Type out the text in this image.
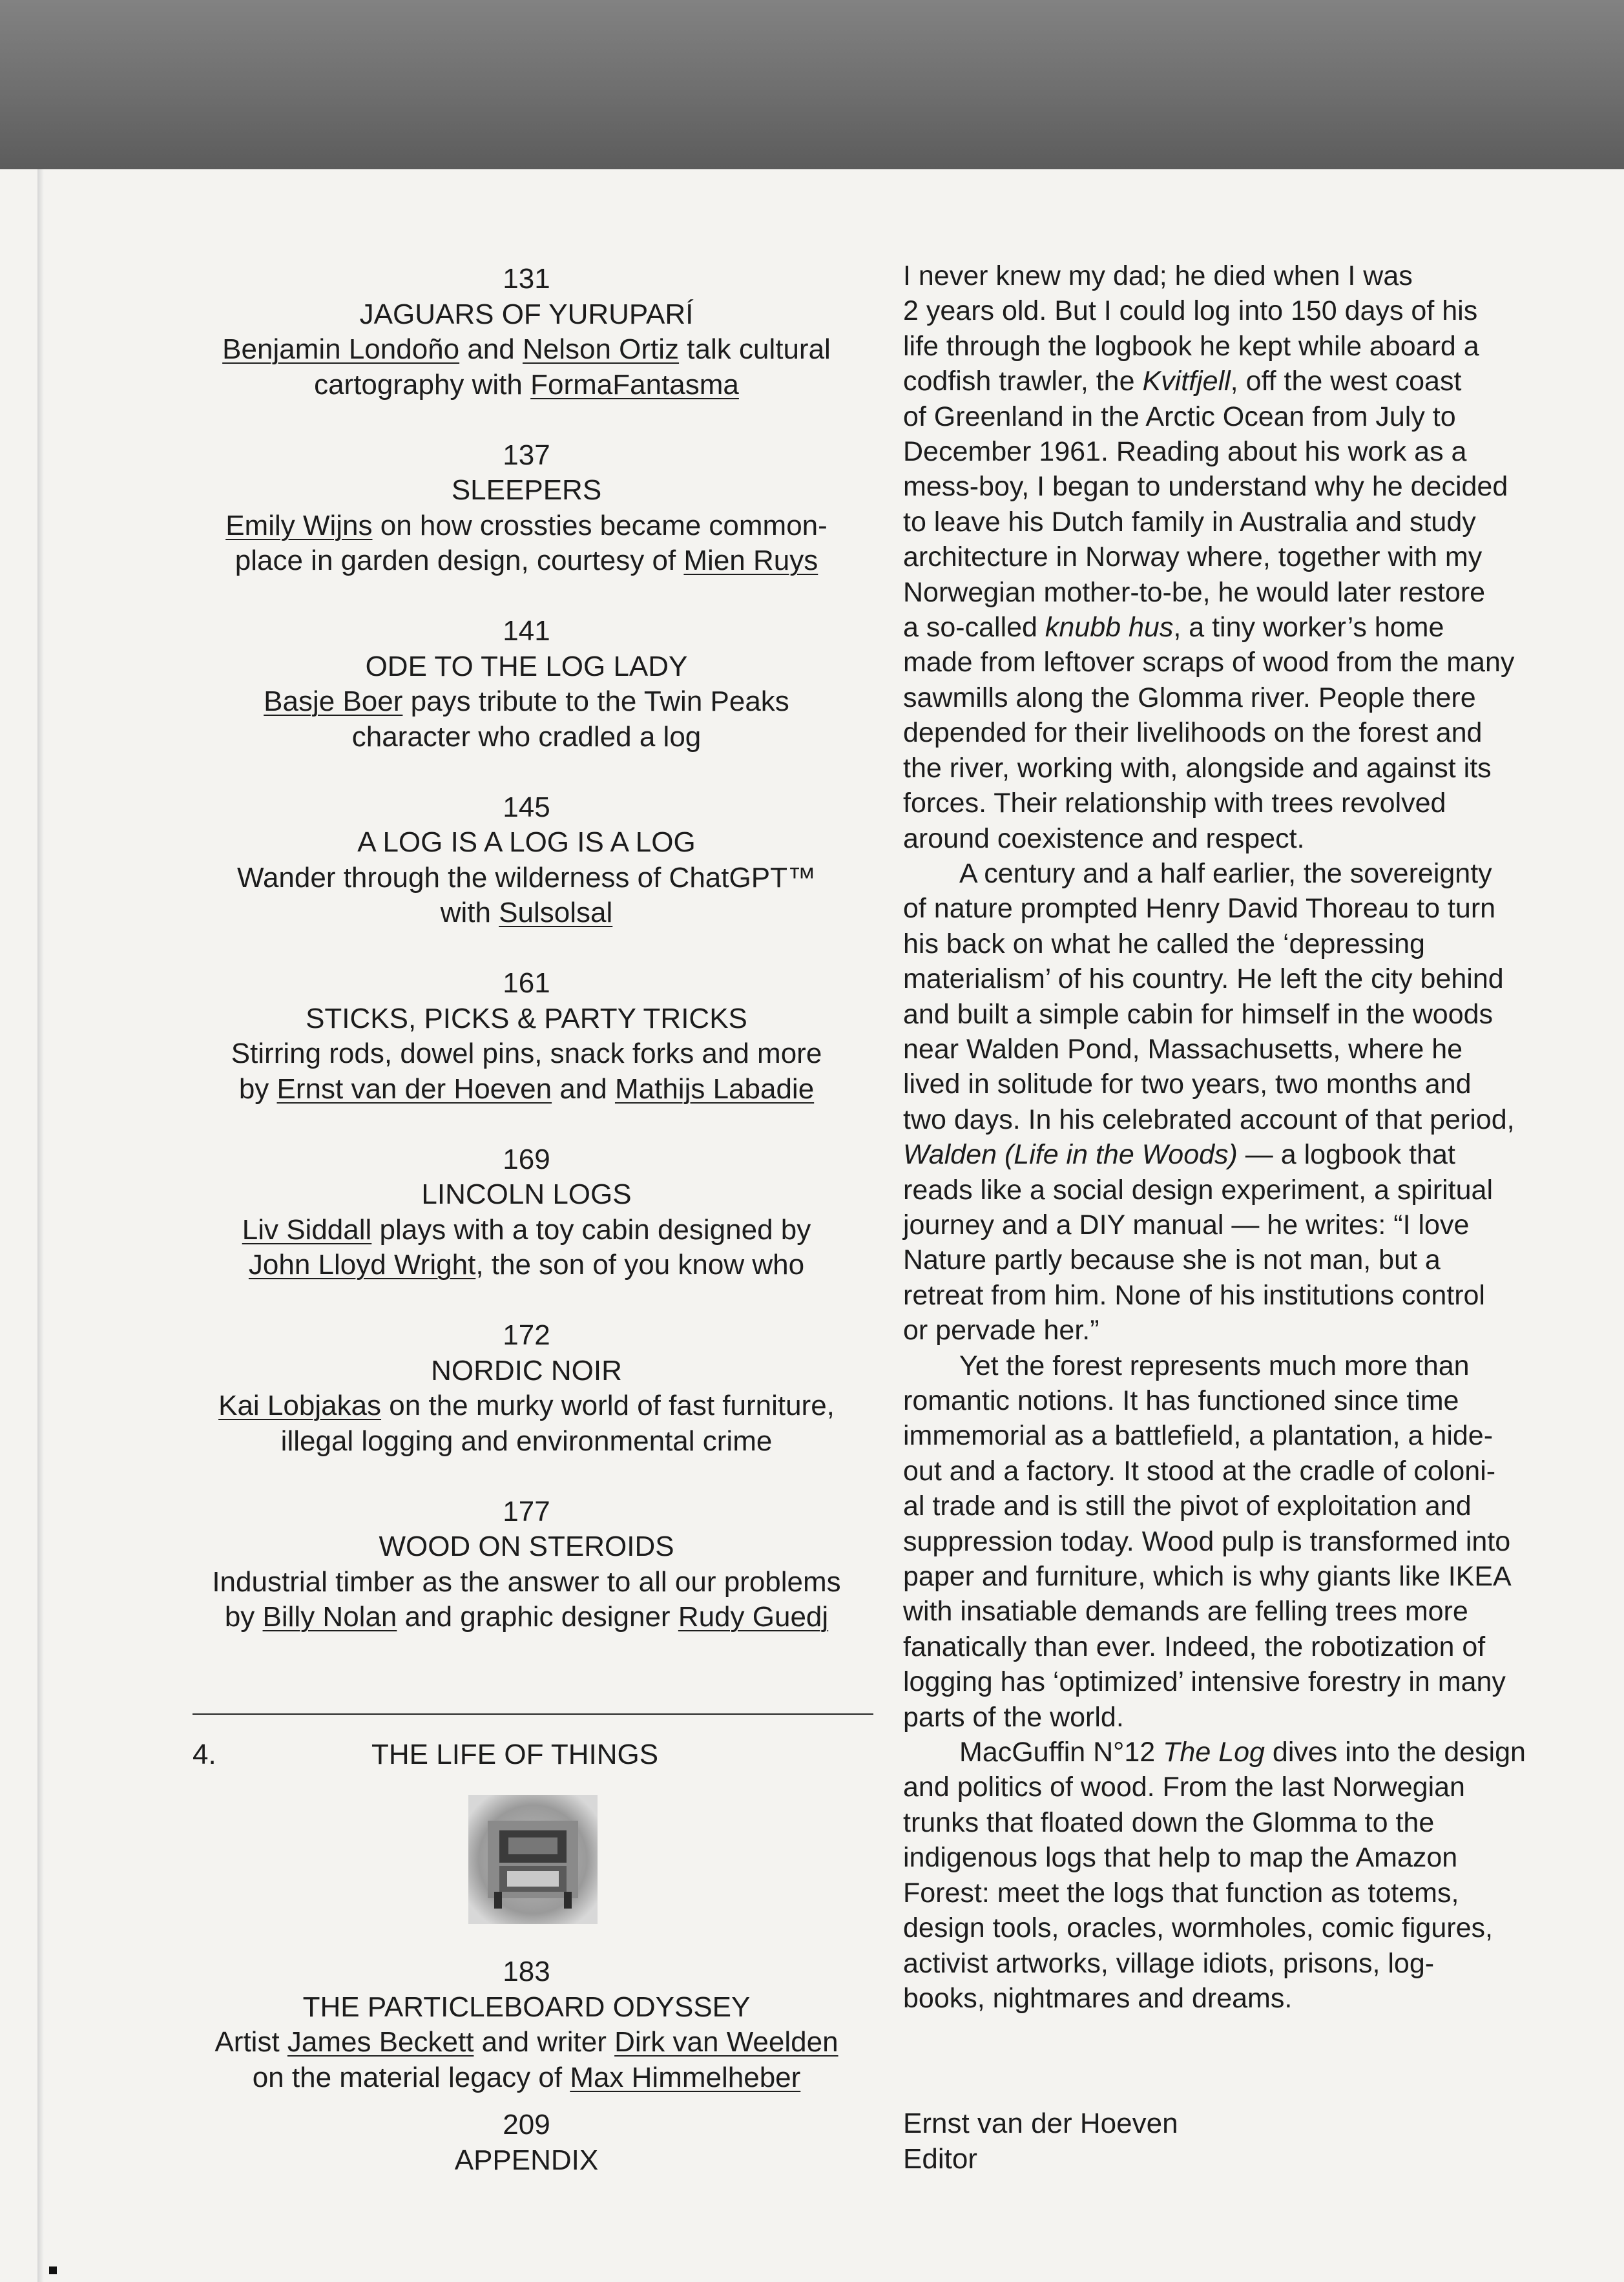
131
JAGUARS OF YURUPARÍ
Benjamin Londoño and Nelson Ortiz talk cultural
cartography with FormaFantasma
137
SLEEPERS
Emily Wijns on how crossties became common-
place in garden design, courtesy of Mien Ruys
141
ODE TO THE LOG LADY
Basje Boer pays tribute to the Twin Peaks
character who cradled a log
145
A LOG IS A LOG IS A LOG
Wander through the wilderness of ChatGPT™
with Sulsolsal
161
STICKS, PICKS & PARTY TRICKS
Stirring rods, dowel pins, snack forks and more
by Ernst van der Hoeven and Mathijs Labadie
169
LINCOLN LOGS
Liv Siddall plays with a toy cabin designed by
John Lloyd Wright, the son of you know who
172
NORDIC NOIR
Kai Lobjakas on the murky world of fast furniture,
illegal logging and environmental crime
177
WOOD ON STEROIDS
Industrial timber as the answer to all our problems
by Billy Nolan and graphic designer Rudy Guedj
4.	THE LIFE OF THINGS
183
THE PARTICLEBOARD ODYSSEY
Artist James Beckett and writer Dirk van Weelden
on the material legacy of Max Himmelheber
209
APPENDIX

I never knew my dad; he died when I was
2 years old. But I could log into 150 days of his
life through the logbook he kept while aboard a
codfish trawler, the Kvitfjell, off the west coast
of Greenland in the Arctic Ocean from July to
December 1961. Reading about his work as a
mess-boy, I began to understand why he decided
to leave his Dutch family in Australia and study
architecture in Norway where, together with my
Norwegian mother-to-be, he would later restore
a so-called knubb hus, a tiny worker’s home
made from leftover scraps of wood from the many
sawmills along the Glomma river. People there
depended for their livelihoods on the forest and
the river, working with, alongside and against its
forces. Their relationship with trees revolved
around coexistence and respect.

A century and a half earlier, the sovereignty
of nature prompted Henry David Thoreau to turn
his back on what he called the ‘depressing
materialism’ of his country. He left the city behind
and built a simple cabin for himself in the woods
near Walden Pond, Massachusetts, where he
lived in solitude for two years, two months and
two days. In his celebrated account of that period,
Walden (Life in the Woods) — a logbook that
reads like a social design experiment, a spiritual
journey and a DIY manual — he writes: “I love
Nature partly because she is not man, but a
retreat from him. None of his institutions control
or pervade her.”

Yet the forest represents much more than
romantic notions. It has functioned since time
immemorial as a battlefield, a plantation, a hide-
out and a factory. It stood at the cradle of coloni-
al trade and is still the pivot of exploitation and
suppression today. Wood pulp is transformed into
paper and furniture, which is why giants like IKEA
with insatiable demands are felling trees more
fanatically than ever. Indeed, the robotization of
logging has ‘optimized’ intensive forestry in many
parts of the world.

MacGuffin N°12 The Log dives into the design
and politics of wood. From the last Norwegian
trunks that floated down the Glomma to the
indigenous logs that help to map the Amazon
Forest: meet the logs that function as totems,
design tools, oracles, wormholes, comic figures,
activist artworks, village idiots, prisons, log-
books, nightmares and dreams.

Ernst van der Hoeven
Editor
